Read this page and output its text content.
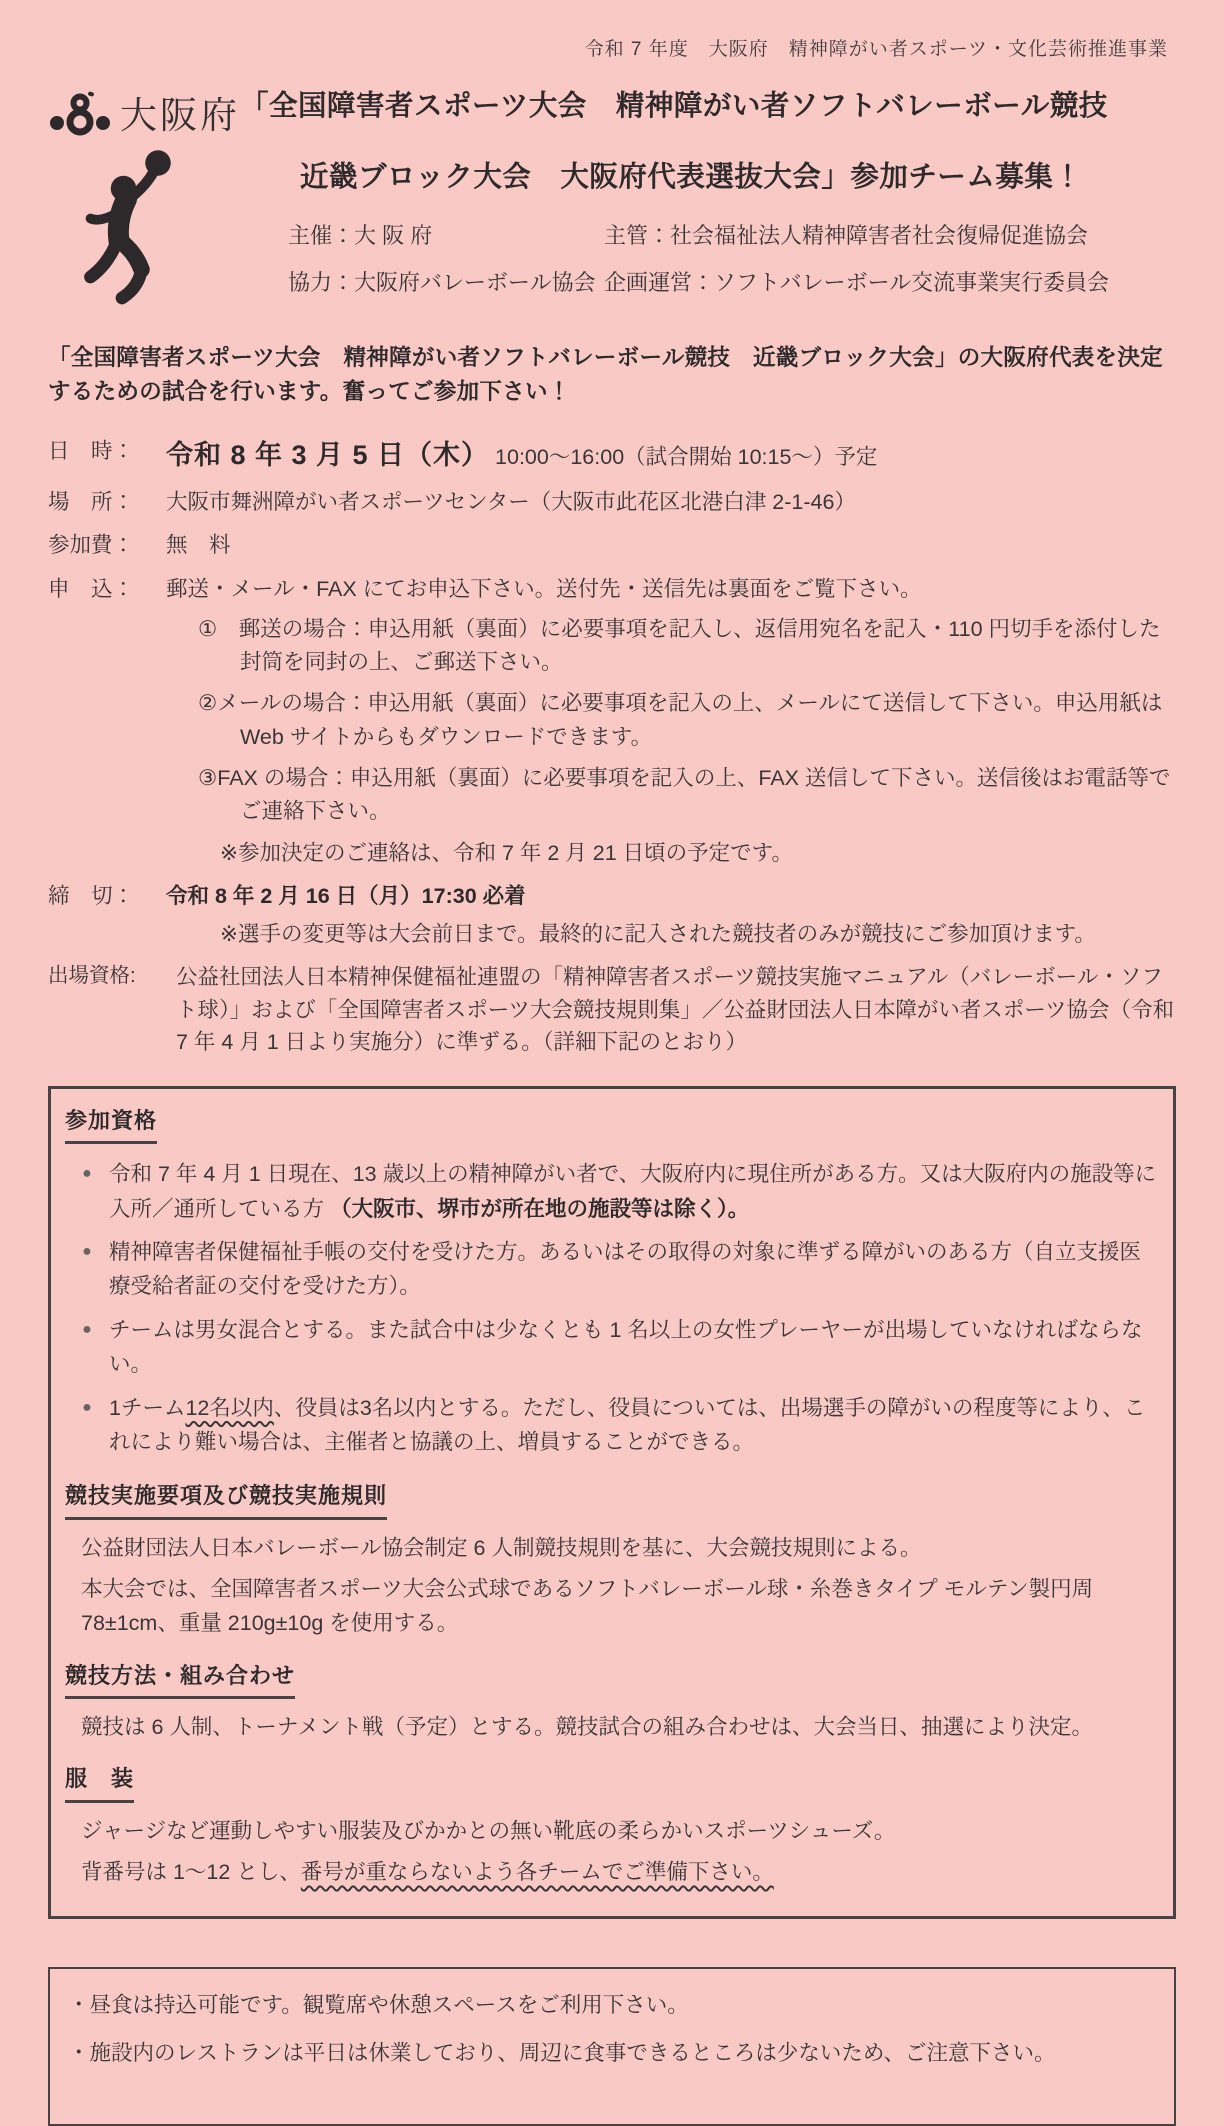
令和 7 年度　大阪府　精神障がい者スポーツ・文化芸術推進事業
大阪府 「全国障害者スポーツ大会　精神障がい者ソフトバレーボール競技
近畿ブロック大会　大阪府代表選抜大会」参加チーム募集！
主催：大 阪 府	主管：社会福祉法人精神障害者社会復帰促進協会
協力：大阪府バレーボール協会 企画運営：ソフトバレーボール交流事業実行委員会
「全国障害者スポーツ大会　精神障がい者ソフトバレーボール競技　近畿ブロック大会」の大阪府代表を決定するための試合を行います。奮ってご参加下さい！
日　時：	令和 8 年 3 月 5 日（木） 10:00～16:00（試合開始 10:15～）予定
場　所：	大阪市舞洲障がい者スポーツセンター（大阪市此花区北港白津 2-1-46）
参加費：	無　料
申　込：	郵送・メール・FAX にてお申込下さい。送付先・送信先は裏面をご覧下さい。
①　郵送の場合：申込用紙（裏面）に必要事項を記入し、返信用宛名を記入・110 円切手を添付した封筒を同封の上、ご郵送下さい。
②メールの場合：申込用紙（裏面）に必要事項を記入の上、メールにて送信して下さい。申込用紙は Web サイトからもダウンロードできます。
③FAX の場合：申込用紙（裏面）に必要事項を記入の上、FAX 送信して下さい。送信後はお電話等でご連絡下さい。
※参加決定のご連絡は、令和 7 年 2 月 21 日頃の予定です。
締　切：	令和 8 年 2 月 16 日（月）17:30 必着
※選手の変更等は大会前日まで。最終的に記入された競技者のみが競技にご参加頂けます。
出場資格:	公益社団法人日本精神保健福祉連盟の「精神障害者スポーツ競技実施マニュアル（バレーボール・ソフト球）」および「全国障害者スポーツ大会競技規則集」／公益財団法人日本障がい者スポーツ協会（令和 7 年 4 月 1 日より実施分）に準ずる。（詳細下記のとおり）
参加資格
● 令和 7 年 4 月 1 日現在、13 歳以上の精神障がい者で、大阪府内に現住所がある方。又は大阪府内の施設等に入所／通所している方 （大阪市、堺市が所在地の施設等は除く）。
● 精神障害者保健福祉手帳の交付を受けた方。あるいはその取得の対象に準ずる障がいのある方（自立支援医療受給者証の交付を受けた方）。
● チームは男女混合とする。また試合中は少なくとも 1 名以上の女性プレーヤーが出場していなければならない。
● 1チーム12名以内、役員は3名以内とする。ただし、役員については、出場選手の障がいの程度等により、これにより難い場合は、主催者と協議の上、増員することができる。
競技実施要項及び競技実施規則
公益財団法人日本バレーボール協会制定 6 人制競技規則を基に、大会競技規則による。
本大会では、全国障害者スポーツ大会公式球であるソフトバレーボール球・糸巻きタイプ モルテン製円周 78±1cm、重量 210g±10g を使用する。
競技方法・組み合わせ
競技は 6 人制、トーナメント戦（予定）とする。競技試合の組み合わせは、大会当日、抽選により決定。
服　装
ジャージなど運動しやすい服装及びかかとの無い靴底の柔らかいスポーツシューズ。
背番号は 1～12 とし、番号が重ならないよう各チームでご準備下さい。
・昼食は持込可能です。観覧席や休憩スペースをご利用下さい。
・施設内のレストランは平日は休業しており、周辺に食事できるところは少ないため、ご注意下さい。
